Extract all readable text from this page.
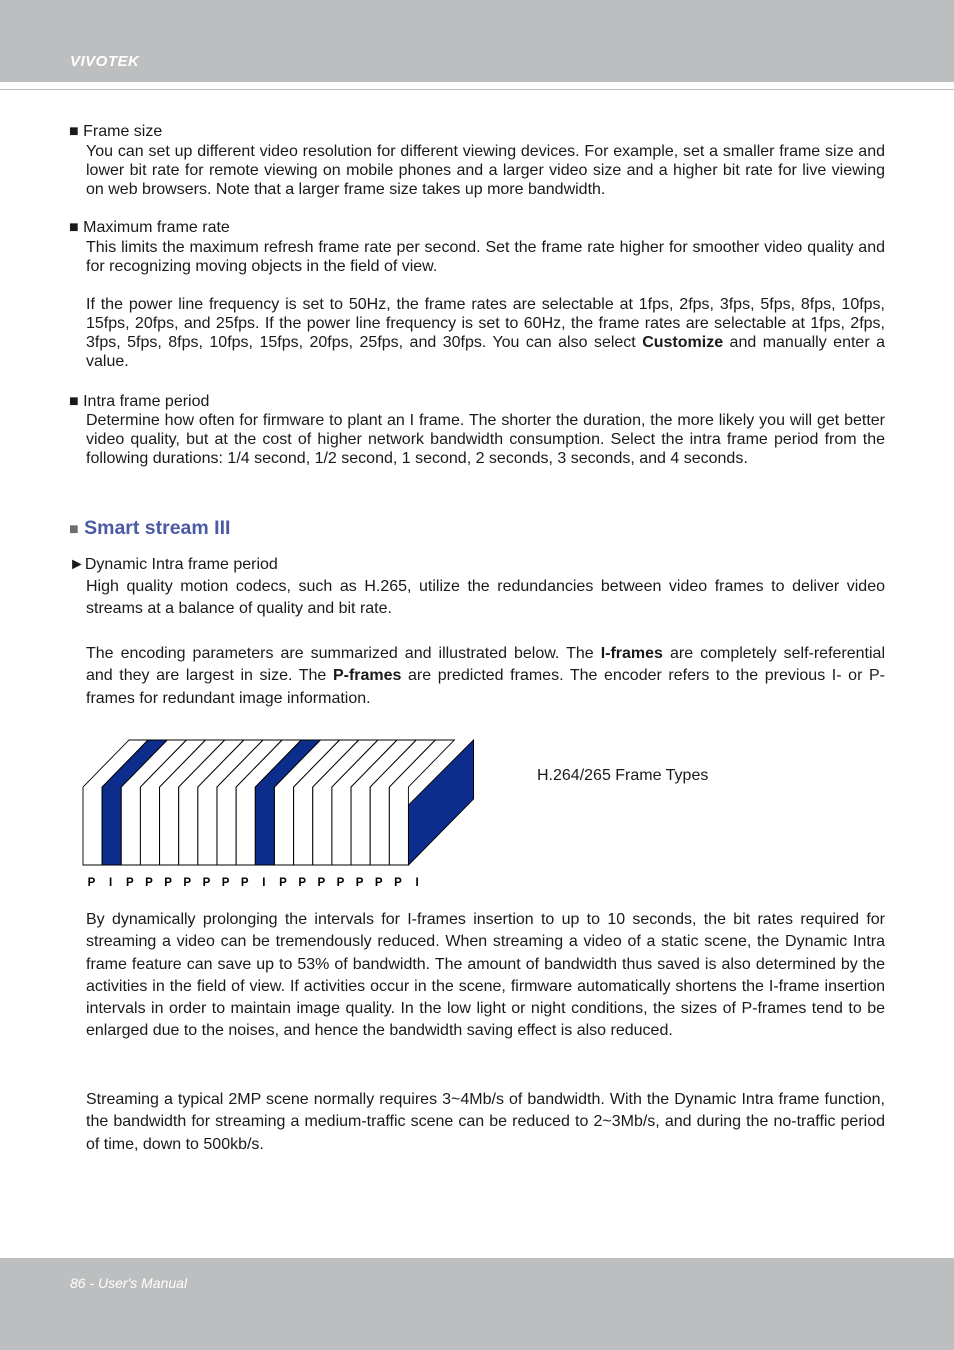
VIVOTEK
■ Frame size
You can set up different video resolution for different viewing devices. For example, set a smaller frame size and lower bit rate for remote viewing on mobile phones and a larger video size and a higher bit rate for live viewing on web browsers. Note that a larger frame size takes up more bandwidth.
■ Maximum frame rate
This limits the maximum refresh frame rate per second. Set the frame rate higher for smoother video quality and for recognizing moving objects in the field of view.
If the power line frequency is set to 50Hz, the frame rates are selectable at 1fps, 2fps, 3fps, 5fps, 8fps, 10fps, 15fps, 20fps, and 25fps. If the power line frequency is set to 60Hz, the frame rates are selectable at 1fps, 2fps, 3fps, 5fps, 8fps, 10fps, 15fps, 20fps, 25fps, and 30fps. You can also select Customize and manually enter a value.
■ Intra frame period
Determine how often for firmware to plant an I frame. The shorter the duration, the more likely you will get better video quality, but at the cost of higher network bandwidth consumption. Select the intra frame period from the following durations: 1/4 second, 1/2 second, 1 second, 2 seconds, 3 seconds, and 4 seconds.
■ Smart stream III
►Dynamic Intra frame period
High quality motion codecs, such as H.265, utilize the redundancies between video frames to deliver video streams at a balance of quality and bit rate.
The encoding parameters are summarized and illustrated below. The I-frames are completely self-referential and they are largest in size. The P-frames are predicted frames. The encoder refers to the previous I- or P-frames for redundant image information.
P I P P P P P P P I P P P P P P P I
H.264/265 Frame Types
By dynamically prolonging the intervals for I-frames insertion to up to 10 seconds, the bit rates required for streaming a video can be tremendously reduced. When streaming a video of a static scene, the Dynamic Intra frame feature can save up to 53% of bandwidth. The amount of bandwidth thus saved is also determined by the activities in the field of view. If activities occur in the scene, firmware automatically shortens the I-frame insertion intervals in order to maintain image quality. In the low light or night conditions, the sizes of P-frames tend to be enlarged due to the noises, and hence the bandwidth saving effect is also reduced.
Streaming a typical 2MP scene normally requires 3~4Mb/s of bandwidth. With the Dynamic Intra frame function, the bandwidth for streaming a medium-traffic scene can be reduced to 2~3Mb/s, and during the no-traffic period of time, down to 500kb/s.
86 - User's Manual
